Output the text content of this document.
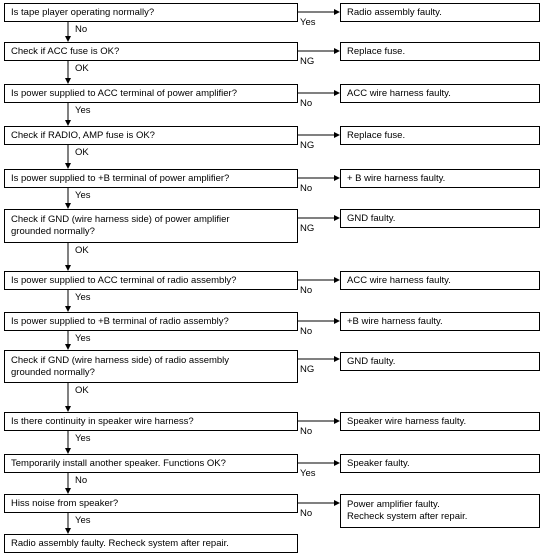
Is tape player operating normally?	Radio assembly faulty.
Yes
No
Check if ACC fuse is OK?	Replace fuse.
NG
OK
Is power supplied to ACC terminal of power amplifier?	ACC wire harness faulty.
No
Yes
Check if RADIO, AMP fuse is OK?	Replace fuse.
NG
OK
Is power supplied to +B terminal of power amplifier?	+ B wire harness faulty.
No
Yes
Check if GND (wire harness side) of power amplifier
grounded normally?
GND faulty.
NG
OK
Is power supplied to ACC terminal of radio assembly?	ACC wire harness faulty.
No
Yes
Is power supplied to +B terminal of radio assembly?	+B wire harness faulty.
No
Yes
Check if GND (wire harness side) of radio assembly
grounded normally?
GND faulty.
NG
OK
Is there continuity in speaker wire harness?	Speaker wire harness faulty.
No
Yes
Temporarily install another speaker. Functions OK?	Speaker faulty.
Yes
No
Hiss noise from speaker?	Power amplifier faulty.
Recheck system after repair.
No
Yes
Radio assembly faulty. Recheck system after repair.
